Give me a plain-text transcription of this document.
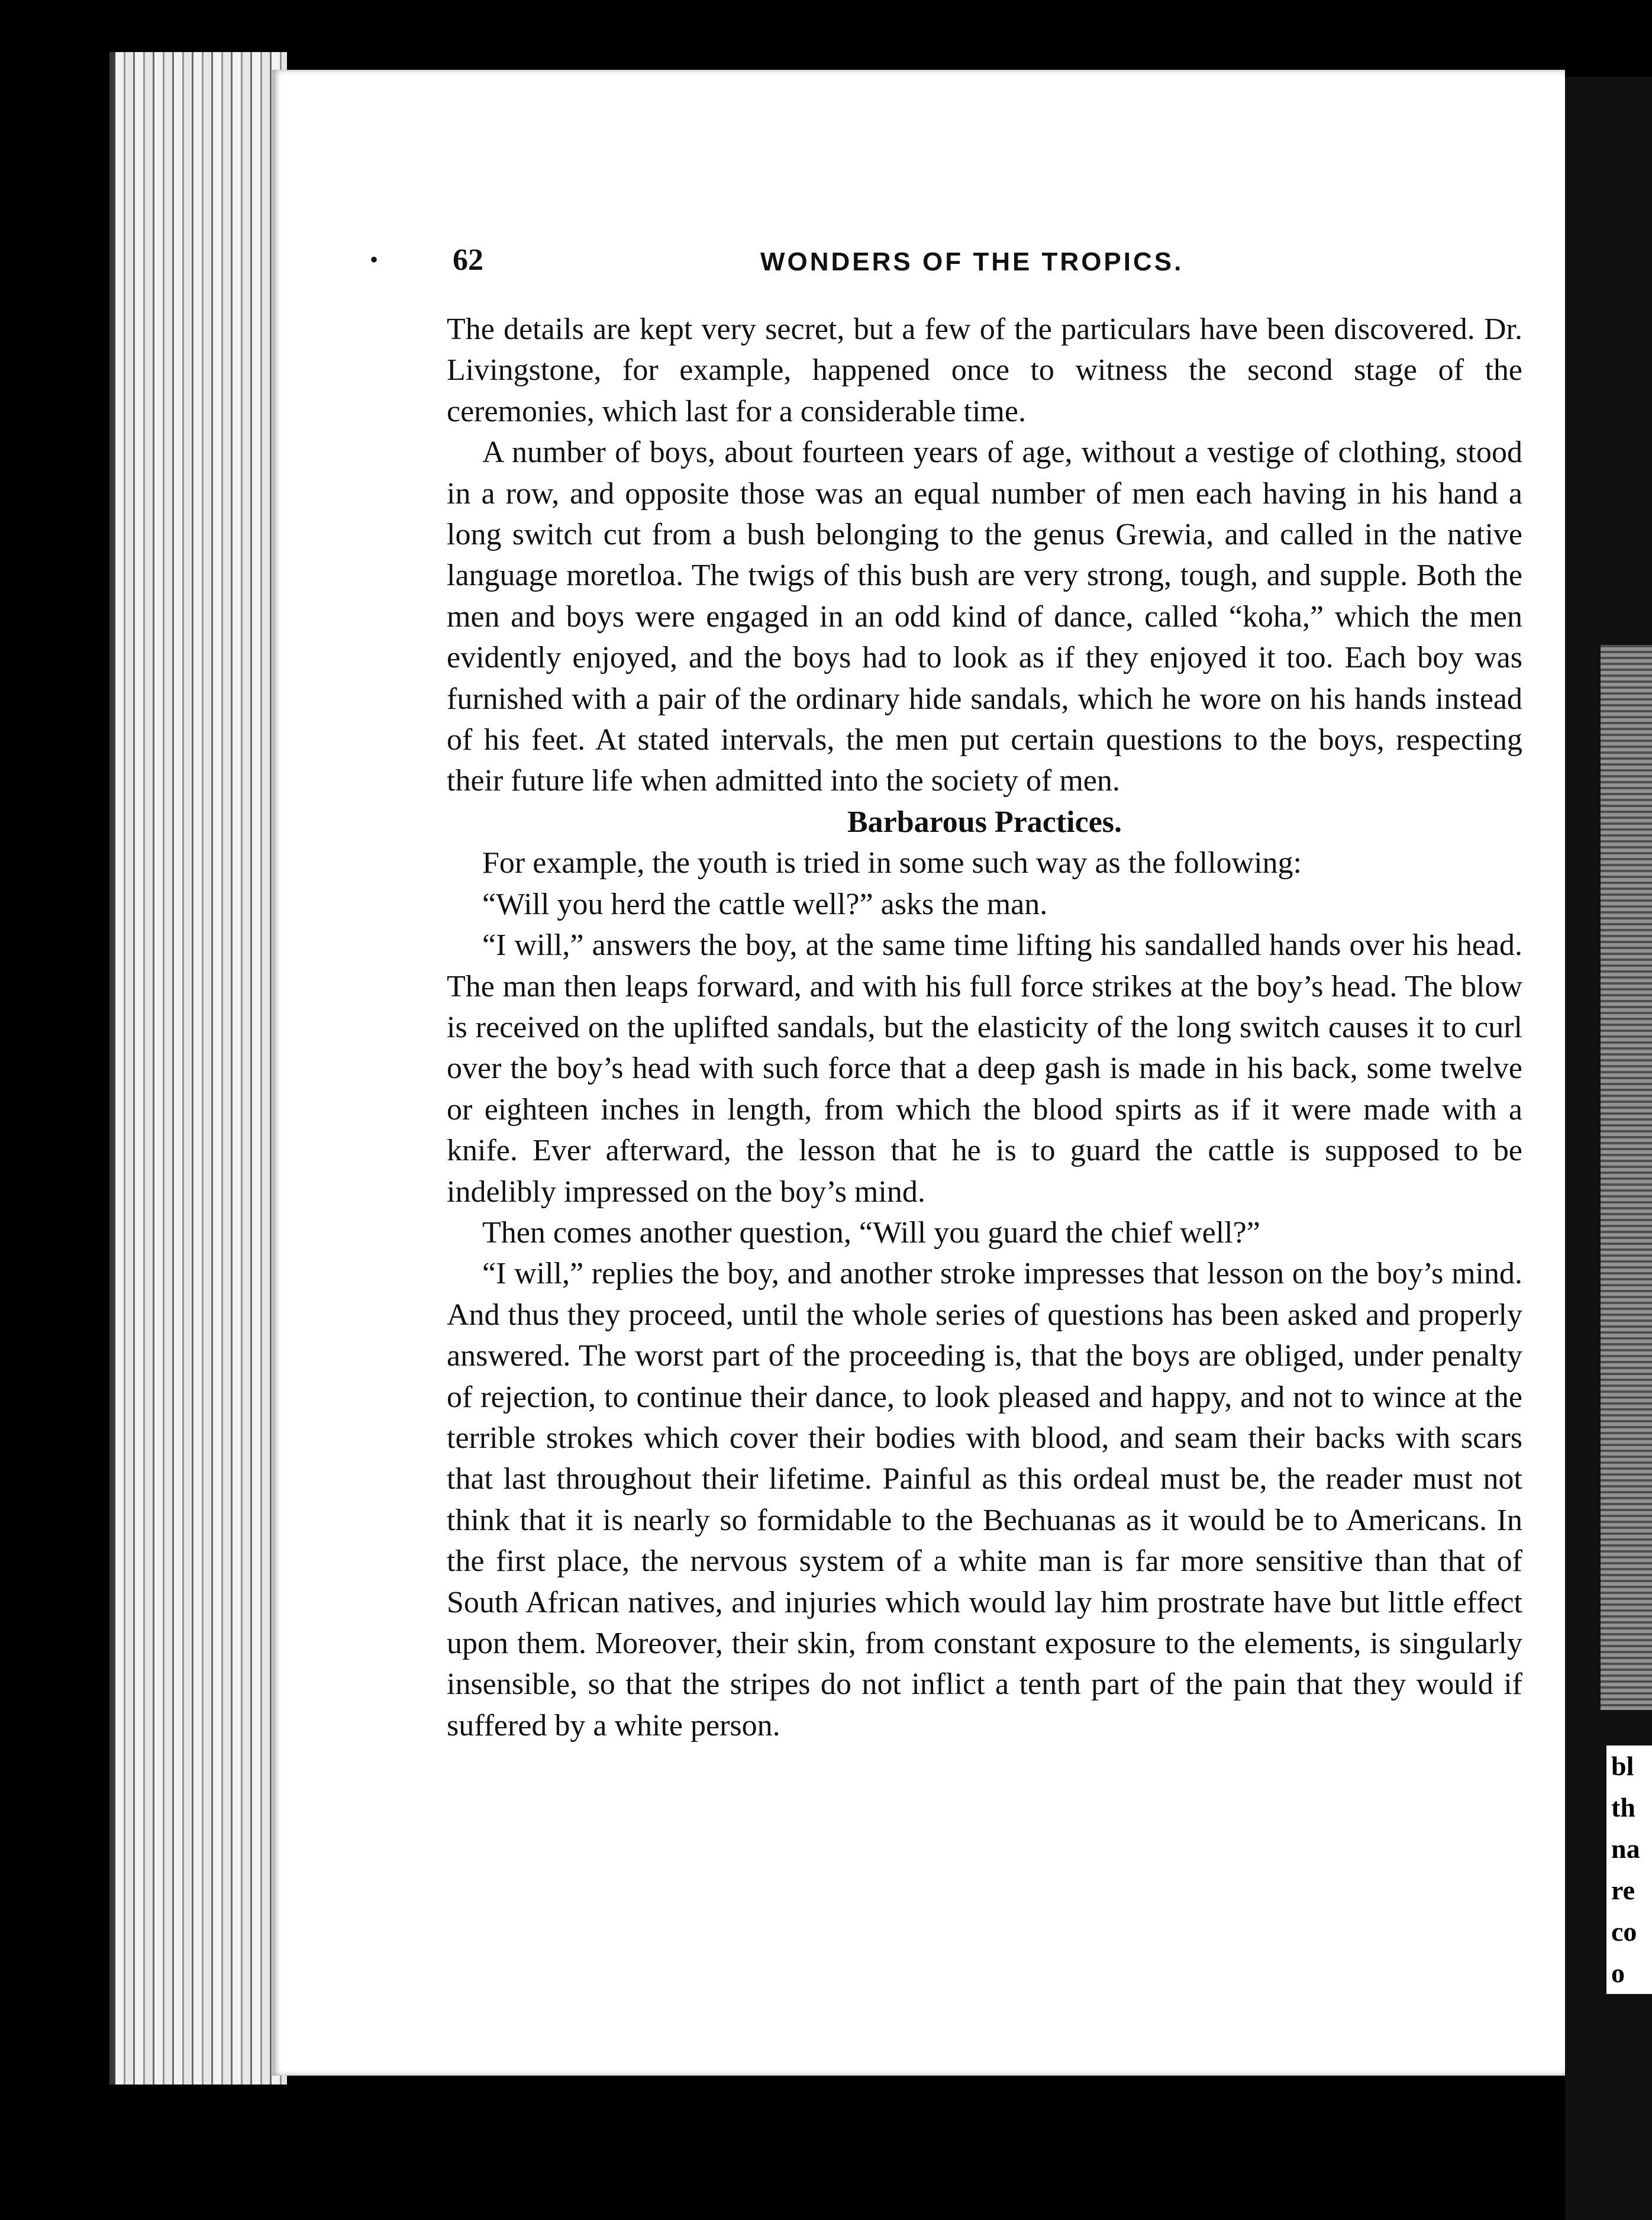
bl
th
na
re
co
o
• 62	WONDERS OF THE TROPICS.

The details are kept very secret, but a few of the particulars have been discovered. Dr. Livingstone, for example, happened once to witness the second stage of the ceremonies, which last for a considerable time.

A number of boys, about fourteen years of age, without a vestige of clothing, stood in a row, and opposite those was an equal number of men each having in his hand a long switch cut from a bush belonging to the genus Grewia, and called in the native language moretloa. The twigs of this bush are very strong, tough, and supple. Both the men and boys were engaged in an odd kind of dance, called “koha,” which the men evidently enjoyed, and the boys had to look as if they enjoyed it too. Each boy was furnished with a pair of the ordinary hide sandals, which he wore on his hands instead of his feet. At stated intervals, the men put certain questions to the boys, respecting their future life when admitted into the society of men.

Barbarous Practices.

For example, the youth is tried in some such way as the following:

“Will you herd the cattle well?” asks the man.

“I will,” answers the boy, at the same time lifting his sandalled hands over his head. The man then leaps forward, and with his full force strikes at the boy’s head. The blow is received on the uplifted sandals, but the elasticity of the long switch causes it to curl over the boy’s head with such force that a deep gash is made in his back, some twelve or eighteen inches in length, from which the blood spirts as if it were made with a knife. Ever afterward, the lesson that he is to guard the cattle is supposed to be indelibly impressed on the boy’s mind.

Then comes another question, “Will you guard the chief well?”

“I will,” replies the boy, and another stroke impresses that lesson on the boy’s mind. And thus they proceed, until the whole series of questions has been asked and properly answered. The worst part of the proceeding is, that the boys are obliged, under penalty of rejection, to continue their dance, to look pleased and happy, and not to wince at the terrible strokes which cover their bodies with blood, and seam their backs with scars that last throughout their lifetime. Painful as this ordeal must be, the reader must not think that it is nearly so formidable to the Bechuanas as it would be to Americans. In the first place, the nervous system of a white man is far more sensitive than that of South African natives, and injuries which would lay him prostrate have but little effect upon them. Moreover, their skin, from constant exposure to the elements, is singularly insensible, so that the stripes do not inflict a tenth part of the pain that they would if suffered by a white person.
